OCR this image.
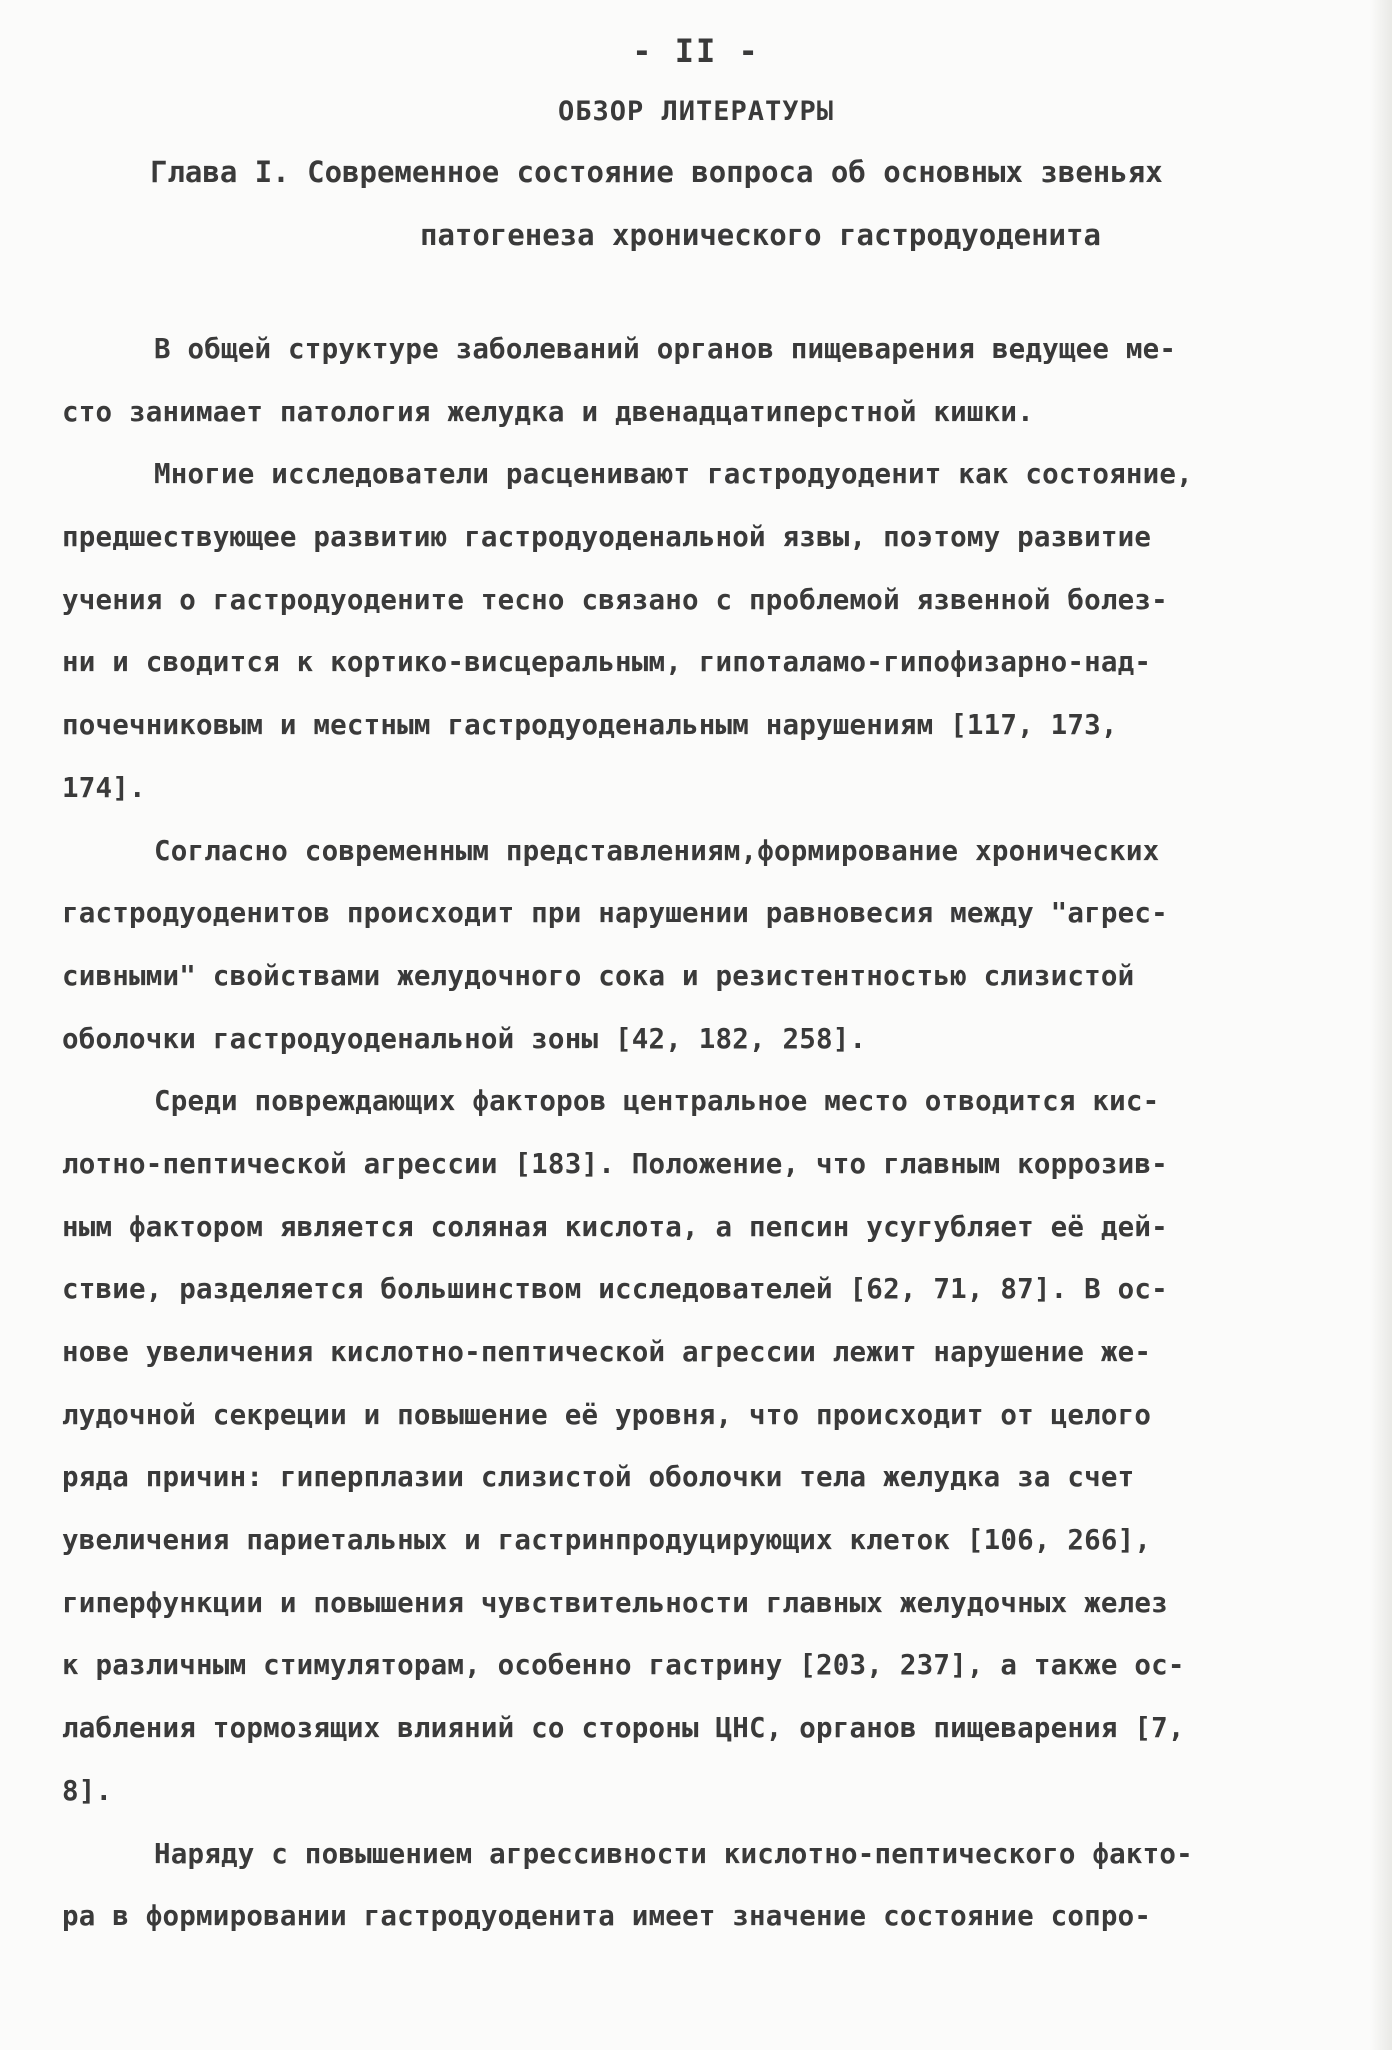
- II -
ОБЗОР ЛИТЕРАТУРЫ
Глава I. Современное состояние вопроса об основных звеньях
патогенеза хронического гастродуоденита
В общей структуре заболеваний органов пищеварения ведущее ме-
сто занимает патология желудка и двенадцатиперстной кишки.
Многие исследователи расценивают гастродуоденит как состояние,
предшествующее развитию гастродуоденальной язвы, поэтому развитие
учения о гастродуодените тесно связано с проблемой язвенной болез-
ни и сводится к кортико-висцеральным, гипоталамо-гипофизарно-над-
почечниковым и местным гастродуоденальным нарушениям [117, 173,
174].
Согласно современным представлениям,формирование хронических
гастродуоденитов происходит при нарушении равновесия между "агрес-
сивными" свойствами желудочного сока и резистентностью слизистой
оболочки гастродуоденальной зоны [42, 182, 258].
Среди повреждающих факторов центральное место отводится кис-
лотно-пептической агрессии [183]. Положение, что главным коррозив-
ным фактором является соляная кислота, а пепсин усугубляет её дей-
ствие, разделяется большинством исследователей [62, 71, 87]. В ос-
нове увеличения кислотно-пептической агрессии лежит нарушение же-
лудочной секреции и повышение её уровня, что происходит от целого
ряда причин: гиперплазии слизистой оболочки тела желудка за счет
увеличения париетальных и гастринпродуцирующих клеток [106, 266],
гиперфункции и повышения чувствительности главных желудочных желез
к различным стимуляторам, особенно гастрину [203, 237], а также ос-
лабления тормозящих влияний со стороны ЦНС, органов пищеварения [7,
8].
Наряду с повышением агрессивности кислотно-пептического факто-
ра в формировании гастродуоденита имеет значение состояние сопро-
